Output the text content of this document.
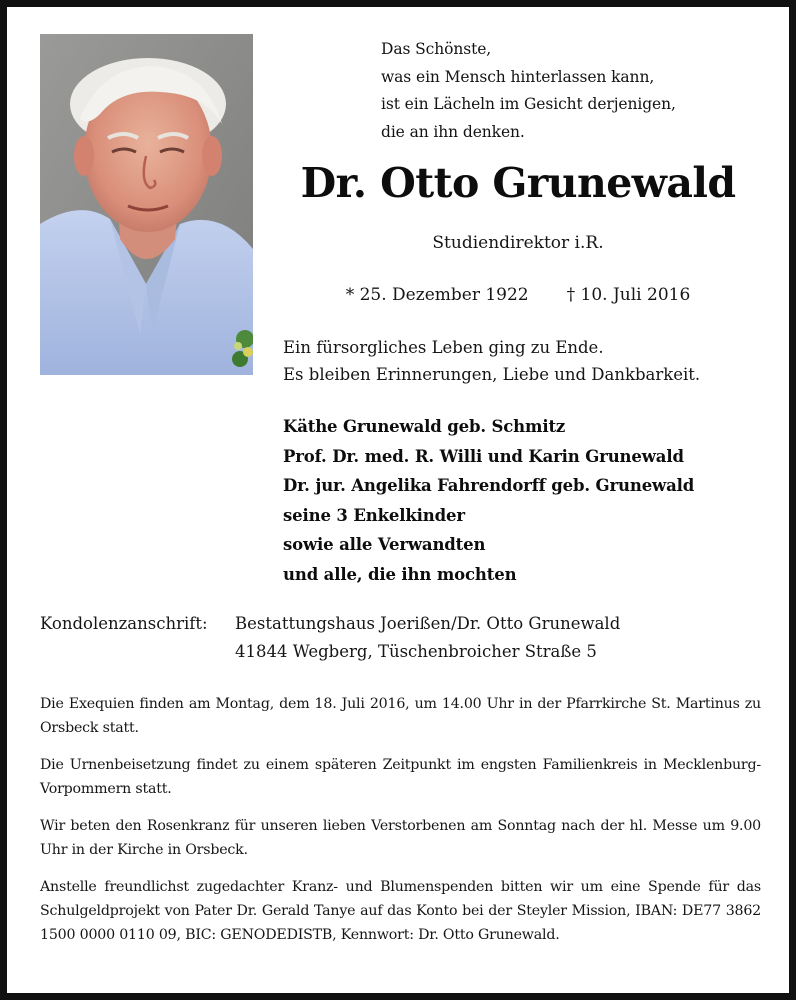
Das Schönste,
was ein Mensch hinterlassen kann,
ist ein Lächeln im Gesicht derjenigen,
die an ihn denken.
Dr. Otto Grunewald
Studiendirektor i.R.
* 25. Dezember 1922 † 10. Juli 2016
Ein fürsorgliches Leben ging zu Ende.
Es bleiben Erinnerungen, Liebe und Dankbarkeit.
Käthe Grunewald geb. Schmitz
Prof. Dr. med. R. Willi und Karin Grunewald
Dr. jur. Angelika Fahrendorff geb. Grunewald
seine 3 Enkelkinder
sowie alle Verwandten
und alle, die ihn mochten
Kondolenzanschrift:	Bestattungshaus Joerißen/Dr. Otto Grunewald
41844 Wegberg, Tüschenbroicher Straße 5

Die Exequien finden am Montag, dem 18. Juli 2016, um 14.00 Uhr in der Pfarrkirche St. Martinus zu Orsbeck statt.

Die Urnenbeisetzung findet zu einem späteren Zeitpunkt im engsten Familienkreis in Mecklenburg-Vorpommern statt.

Wir beten den Rosenkranz für unseren lieben Verstorbenen am Sonntag nach der hl. Messe um 9.00 Uhr in der Kirche in Orsbeck.

Anstelle freundlichst zugedachter Kranz- und Blumenspenden bitten wir um eine Spende für das Schulgeldprojekt von Pater Dr. Gerald Tanye auf das Konto bei der Steyler Mission, IBAN: DE77 3862 1500 0000 0110 09, BIC: GENODEDISTB, Kennwort: Dr. Otto Grunewald.
